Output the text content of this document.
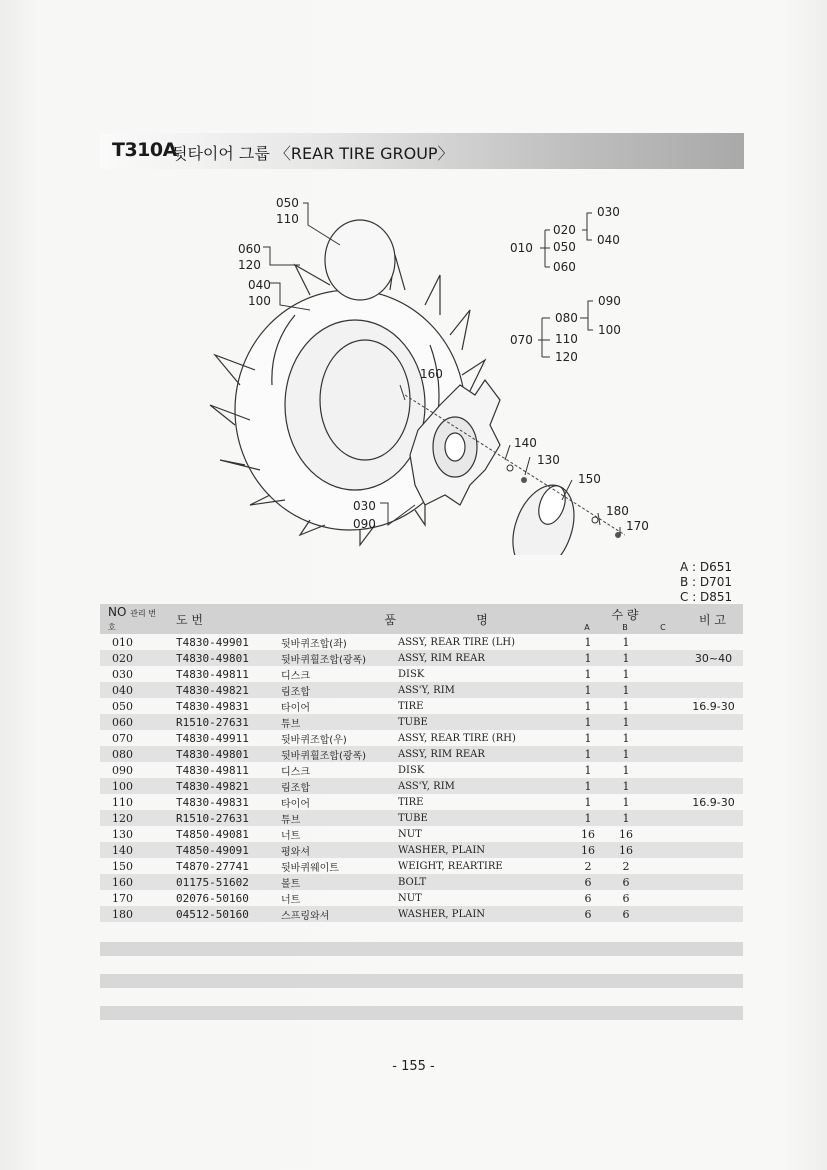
T310A
뒷타이어 그룹 〈REAR TIRE GROUP〉
050
110
060
120
040
100
160
140
130
150
180
170
030
090
010
020
030
040
050
060
070
080
090
100
110
120
A : D651
B : D701
C : D851
NO 관리 번호	도 번	품	명	수 량
A B C			비 고
010	T4830-49901	뒷바퀴조합(좌)	ASSY, REAR TIRE (LH)	1	1		
020	T4830-49801	뒷바퀴휠조합(광폭)	ASSY, RIM REAR	1	1		30~40
030	T4830-49811	디스크	DISK	1	1		
040	T4830-49821	림조합	ASS'Y, RIM	1	1		
050	T4830-49831	타이어	TIRE	1	1		16.9-30
060	R1510-27631	튜브	TUBE	1	1		
070	T4830-49911	뒷바퀴조합(우)	ASSY, REAR TIRE (RH)	1	1		
080	T4830-49801	뒷바퀴휠조합(광폭)	ASSY, RIM REAR	1	1		
090	T4830-49811	디스크	DISK	1	1		
100	T4830-49821	림조합	ASS'Y, RIM	1	1		
110	T4830-49831	타이어	TIRE	1	1		16.9-30
120	R1510-27631	튜브	TUBE	1	1		
130	T4850-49081	너트	NUT	16	16		
140	T4850-49091	평와셔	WASHER, PLAIN	16	16		
150	T4870-27741	뒷바퀴웨이트	WEIGHT, REARTIRE	2	2		
160	01175-51602	볼트	BOLT	6	6		
170	02076-50160	너트	NUT	6	6		
180	04512-50160	스프링와셔	WASHER, PLAIN	6	6		
- 155 -
